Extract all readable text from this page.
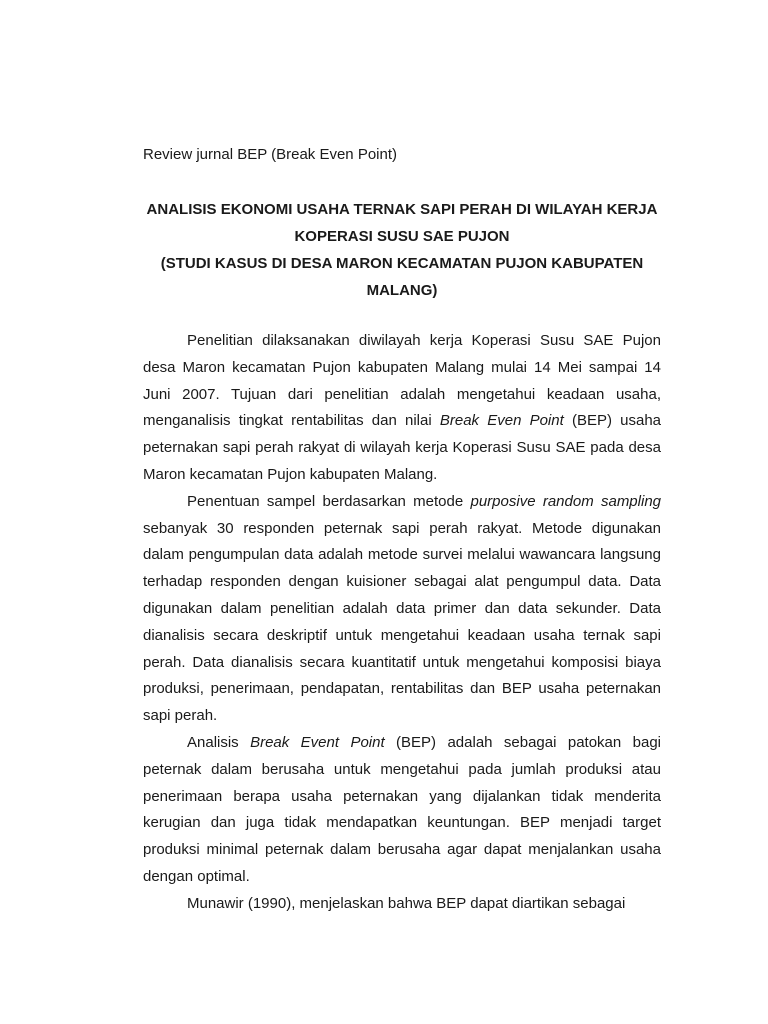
Review jurnal BEP (Break Even Point)

ANALISIS EKONOMI USAHA TERNAK SAPI PERAH DI WILAYAH KERJA
KOPERASI SUSU SAE PUJON
(STUDI KASUS DI DESA MARON KECAMATAN PUJON KABUPATEN
MALANG)

Penelitian dilaksanakan diwilayah kerja Koperasi Susu SAE Pujon desa Maron kecamatan Pujon kabupaten Malang mulai 14 Mei sampai 14 Juni 2007. Tujuan dari penelitian adalah mengetahui keadaan usaha, menganalisis tingkat rentabilitas dan nilai Break Even Point (BEP) usaha peternakan sapi perah rakyat di wilayah kerja Koperasi Susu SAE pada desa Maron kecamatan Pujon kabupaten Malang.

Penentuan sampel berdasarkan metode purposive random sampling sebanyak 30 responden peternak sapi perah rakyat. Metode digunakan dalam pengumpulan data adalah metode survei melalui wawancara langsung terhadap responden dengan kuisioner sebagai alat pengumpul data. Data digunakan dalam penelitian adalah data primer dan data sekunder. Data dianalisis secara deskriptif untuk mengetahui keadaan usaha ternak sapi perah. Data dianalisis secara kuantitatif untuk mengetahui komposisi biaya produksi, penerimaan, pendapatan, rentabilitas dan BEP usaha peternakan sapi perah.

Analisis Break Event Point (BEP) adalah sebagai patokan bagi peternak dalam berusaha untuk mengetahui pada jumlah produksi atau penerimaan berapa usaha peternakan yang dijalankan tidak menderita kerugian dan juga tidak mendapatkan keuntungan. BEP menjadi target produksi minimal peternak dalam berusaha agar dapat menjalankan usaha dengan optimal.

Munawir (1990), menjelaskan bahwa BEP dapat diartikan sebagai
